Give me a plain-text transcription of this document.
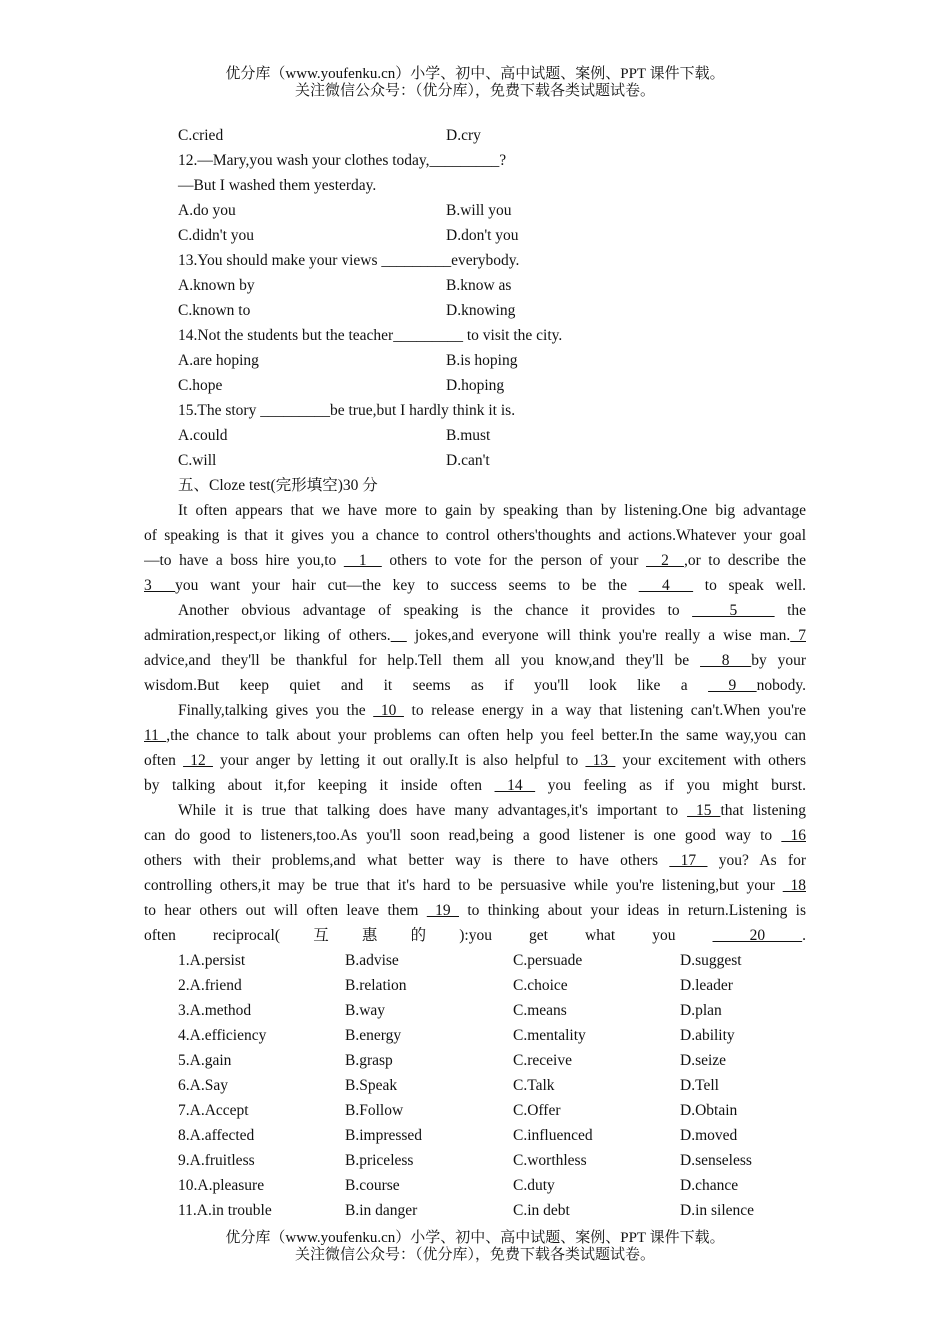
优分库（www.youfenku.cn）小学、初中、高中试题、案例、PPT 课件下载。
关注微信公众号：（优分库），免费下载各类试题试卷。
C.cried	D.cry
12.—Mary,you wash your clothes today,_________?
—But I washed them yesterday.
A.do you	B.will you
C.didn't you	D.don't you
13.You should make your views _________everybody.
A.known by	B.know as
C.known to	D.knowing
14.Not the students but the teacher_________ to visit the city.
A.are hoping	B.is hoping
C.hope	D.hoping
15.The story _________be true,but I hardly think it is.
A.could	B.must
C.will	D.can't
五、Cloze test(完形填空)30 分
It often appears that we have more to gain by speaking than by listening.One big advantage
of speaking is that it gives you a chance to control others'thoughts and actions.Whatever your goal
—to have a boss hire you,to   1   others to vote for the person of your   2  ,or to describe the
3  you want your hair cut—the key to success seems to be the   4   to speak well.
Another obvious advantage of speaking is the chance it provides to    5    the
admiration,respect,or liking of others.   jokes,and everyone will think you're really a wise man. 7
advice,and they'll be thankful for help.Tell them all you know,and they'll be   8  by your
wisdom.But keep quiet and it seems as if you'll look like a  9 nobody.
Finally,talking gives you the  10  to release energy in a way that listening can't.When you're
11 ,the chance to talk about your problems can often help you feel better.In the same way,you can
often  12  your anger by letting it out orally.It is also helpful to  13  your excitement with others
by talking about it,for keeping it inside often  14  you feeling as if you might burst.
While it is true that talking does have many advantages,it's important to  15 that listening
can do good to listeners,too.As you'll soon read,being a good listener is one good way to  16
others with their problems,and what better way is there to have others  17  you? As for
controlling others,it may be true that it's hard to be persuasive while you're listening,but your  18
to hear others out will often leave them  19  to thinking about your ideas in return.Listening is
often reciprocal(互惠的):you get what you  20 .
1.A.persist	B.advise	C.persuade	D.suggest
2.A.friend	B.relation	C.choice	D.leader
3.A.method	B.way	C.means	D.plan
4.A.efficiency	B.energy	C.mentality	D.ability
5.A.gain	B.grasp	C.receive	D.seize
6.A.Say	B.Speak	C.Talk	D.Tell
7.A.Accept	B.Follow	C.Offer	D.Obtain
8.A.affected	B.impressed	C.influenced	D.moved
9.A.fruitless	B.priceless	C.worthless	D.senseless
10.A.pleasure	B.course	C.duty	D.chance
11.A.in trouble	B.in danger	C.in debt	D.in silence
优分库（www.youfenku.cn）小学、初中、高中试题、案例、PPT 课件下载。
关注微信公众号：（优分库），免费下载各类试题试卷。
